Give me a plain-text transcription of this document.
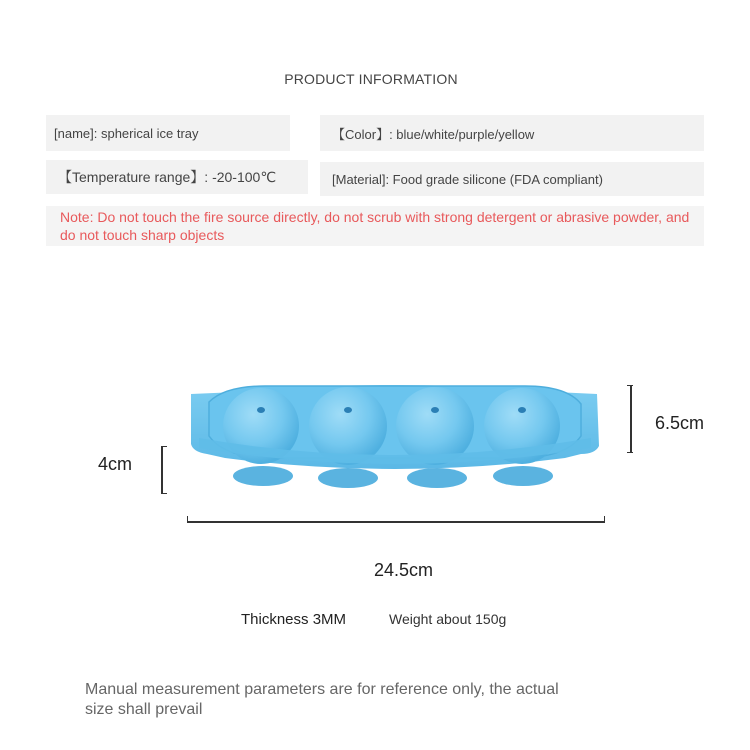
PRODUCT INFORMATION
[name]: spherical ice tray	【Color】: blue/white/purple/yellow
【Temperature range】: -20-100℃	[Material]: Food grade silicone (FDA compliant)
Note: Do not touch the fire source directly, do not scrub with strong detergent or abrasive powder, and do not touch sharp objects
6.5cm
4cm
24.5cm
Thickness 3MM	Weight about 150g
Manual measurement parameters are for reference only, the actual size shall prevail
